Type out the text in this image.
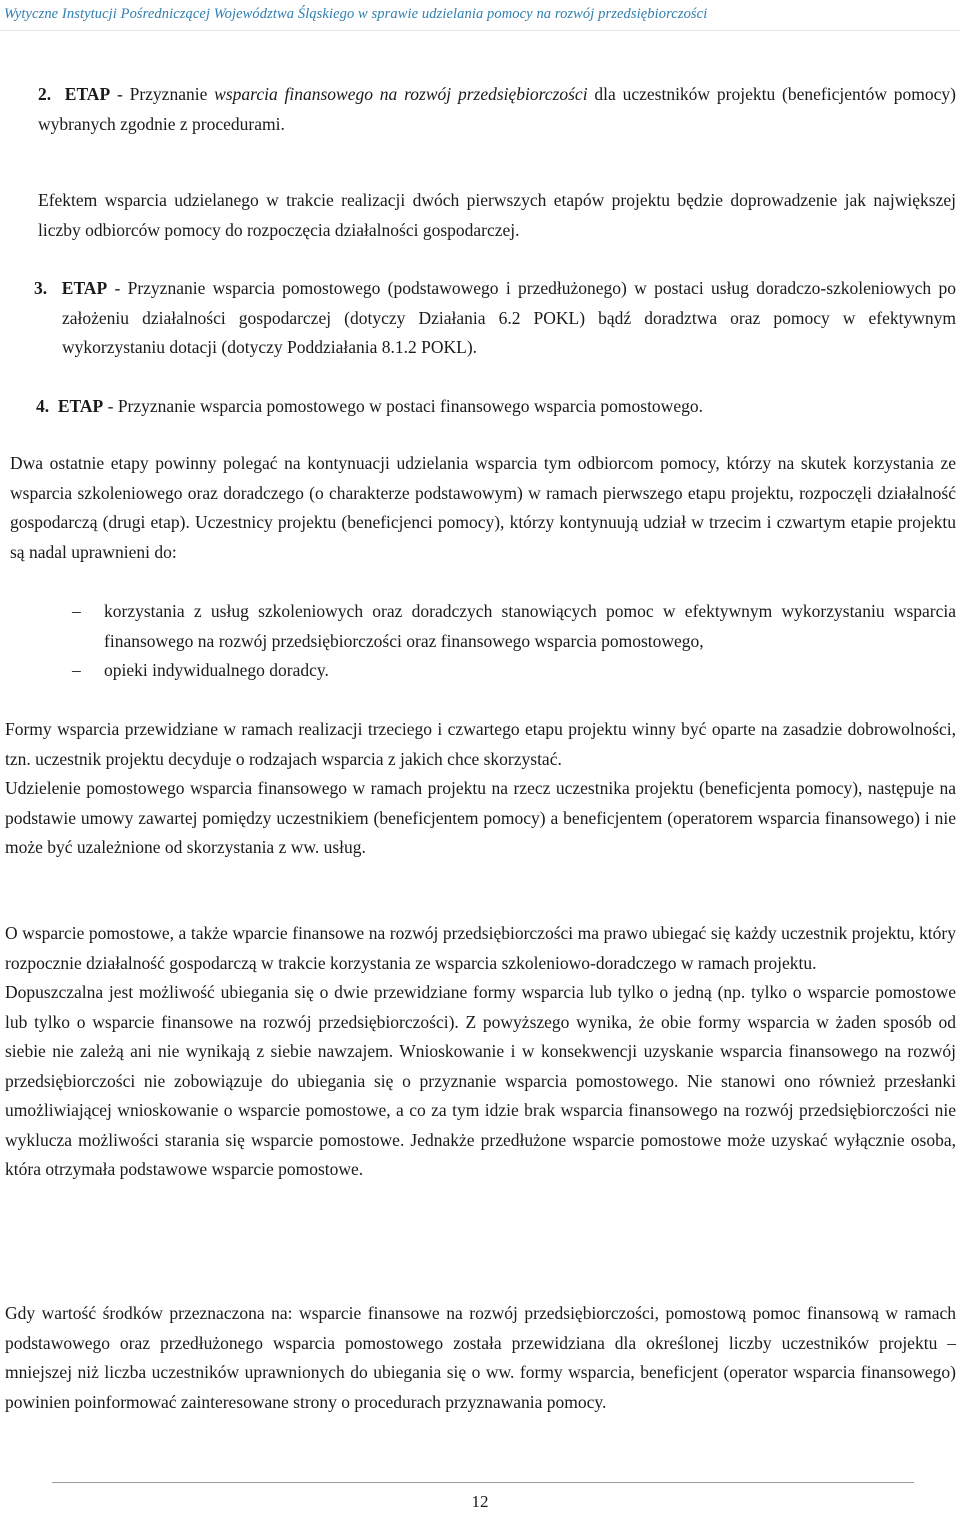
Wytyczne Instytucji Pośredniczącej Województwa Śląskiego w sprawie udzielania pomocy na rozwój przedsiębiorczości

2. ETAP - Przyznanie wsparcia finansowego na rozwój przedsiębiorczości dla uczestników projektu (beneficjentów pomocy) wybranych zgodnie z procedurami.

Efektem wsparcia udzielanego w trakcie realizacji dwóch pierwszych etapów projektu będzie doprowadzenie jak największej liczby odbiorców pomocy do rozpoczęcia działalności gospodarczej.

3. ETAP - Przyznanie wsparcia pomostowego (podstawowego i przedłużonego) w postaci usług doradczo-szkoleniowych po założeniu działalności gospodarczej (dotyczy Działania 6.2 POKL) bądź doradztwa oraz pomocy w efektywnym wykorzystaniu dotacji (dotyczy Poddziałania 8.1.2 POKL).

4. ETAP - Przyznanie wsparcia pomostowego w postaci finansowego wsparcia pomostowego.

Dwa ostatnie etapy powinny polegać na kontynuacji udzielania wsparcia tym odbiorcom pomocy, którzy na skutek korzystania ze wsparcia szkoleniowego oraz doradczego (o charakterze podstawowym) w ramach pierwszego etapu projektu, rozpoczęli działalność gospodarczą (drugi etap). Uczestnicy projektu (beneficjenci pomocy), którzy kontynuują udział w trzecim i czwartym etapie projektu są nadal uprawnieni do:

– korzystania z usług szkoleniowych oraz doradczych stanowiących pomoc w efektywnym wykorzystaniu wsparcia finansowego na rozwój przedsiębiorczości oraz finansowego wsparcia pomostowego,
– opieki indywidualnego doradcy.

Formy wsparcia przewidziane w ramach realizacji trzeciego i czwartego etapu projektu winny być oparte na zasadzie dobrowolności, tzn. uczestnik projektu decyduje o rodzajach wsparcia z jakich chce skorzystać.

Udzielenie pomostowego wsparcia finansowego w ramach projektu na rzecz uczestnika projektu (beneficjenta pomocy), następuje na podstawie umowy zawartej pomiędzy uczestnikiem (beneficjentem pomocy) a beneficjentem (operatorem wsparcia finansowego) i nie może być uzależnione od skorzystania z ww. usług.

O wsparcie pomostowe, a także wparcie finansowe na rozwój przedsiębiorczości ma prawo ubiegać się każdy uczestnik projektu, który rozpocznie działalność gospodarczą w trakcie korzystania ze wsparcia szkoleniowo-doradczego w ramach projektu.

Dopuszczalna jest możliwość ubiegania się o dwie przewidziane formy wsparcia lub tylko o jedną (np. tylko o wsparcie pomostowe lub tylko o wsparcie finansowe na rozwój przedsiębiorczości). Z powyższego wynika, że obie formy wsparcia w żaden sposób od siebie nie zależą ani nie wynikają z siebie nawzajem. Wnioskowanie i w konsekwencji uzyskanie wsparcia finansowego na rozwój przedsiębiorczości nie zobowiązuje do ubiegania się o przyznanie wsparcia pomostowego. Nie stanowi ono również przesłanki umożliwiającej wnioskowanie o wsparcie pomostowe, a co za tym idzie brak wsparcia finansowego na rozwój przedsiębiorczości nie wyklucza możliwości starania się wsparcie pomostowe. Jednakże przedłużone wsparcie pomostowe może uzyskać wyłącznie osoba, która otrzymała podstawowe wsparcie pomostowe.

Gdy wartość środków przeznaczona na: wsparcie finansowe na rozwój przedsiębiorczości, pomostową pomoc finansową w ramach podstawowego oraz przedłużonego wsparcia pomostowego została przewidziana dla określonej liczby uczestników projektu – mniejszej niż liczba uczestników uprawnionych do ubiegania się o ww. formy wsparcia, beneficjent (operator wsparcia finansowego) powinien poinformować zainteresowane strony o procedurach przyznawania pomocy.

12
